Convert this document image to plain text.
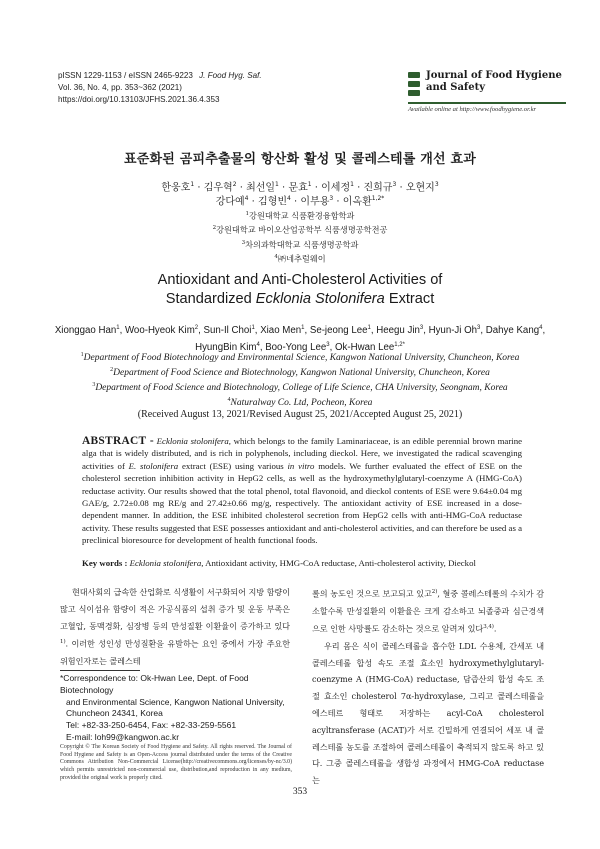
pISSN 1229-1153 / eISSN 2465-9223 J. Food Hyg. Saf.
Vol. 36, No. 4, pp. 353~362 (2021)
https://doi.org/10.13103/JFHS.2021.36.4.353
Journal of Food Hygiene
and Safety
Available online at http://www.foodhygiene.or.kr
표준화된 곰피추출물의 항산화 활성 및 콜레스테롤 개선 효과
한웅호$^1$ · 김우혁$^2$ · 최선일$^1$ · 문효$^1$ · 이세정$^1$ · 진희규$^3$ · 오현지$^3$
강다예$^4$ · 김형빈$^4$ · 이부용$^3$ · 이옥환$^{1,2*}$
$^1$강원대학교 식품환경융합학과
$^2$강원대학교 바이오산업공학부 식품생명공학전공
$^3$차의과학대학교 식품생명공학과
$^4$㈜네추럴웨이
Antioxidant and Anti-Cholesterol Activities of
Standardized Ecklonia Stolonifera Extract
Xionggao Han$^1$, Woo-Hyeok Kim$^2$, Sun-Il Choi$^1$, Xiao Men$^1$, Se-jeong Lee$^1$, Heegu Jin$^3$, Hyun-Ji Oh$^3$, Dahye Kang$^4$, HyungBin Kim$^4$, Boo-Yong Lee$^3$, Ok-Hwan Lee$^{1,2*}$
$^1$Department of Food Biotechnology and Environmental Science, Kangwon National University, Chuncheon, Korea
$^2$Department of Food Science and Biotechnology, Kangwon National University, Chuncheon, Korea
$^3$Department of Food Science and Biotechnology, College of Life Science, CHA University, Seongnam, Korea
$^4$Naturalway Co. Ltd, Pocheon, Korea
(Received August 13, 2021/Revised August 25, 2021/Accepted August 25, 2021)
ABSTRACT - Ecklonia stolonifera, which belongs to the family Laminariaceae, is an edible perennial brown marine alga that is widely distributed, and is rich in polyphenols, including dieckol. Here, we investigated the radical scavenging activities of E. stolonifera extract (ESE) using various in vitro models. We further evaluated the effect of ESE on the cholesterol secretion inhibition activity in HepG2 cells, as well as the hydroxymethylglutaryl-coenzyme A (HMG-CoA) reductase activity. Our results showed that the total phenol, total flavonoid, and dieckol contents of ESE were 9.64±0.04 mg GAE/g, 2.72±0.08 mg RE/g and 27.42±0.66 mg/g, respectively. The antioxidant activity of ESE increased in a dose-dependent manner. In addition, the ESE inhibited cholesterol secretion from HepG2 cells with anti-HMG-CoA reductase activity. These results suggested that ESE possesses antioxidant and anti-cholesterol activities, and can therefore be used as a preclinical bioresource for development of health functional foods.
Key words : Ecklonia stolonifera, Antioxidant activity, HMG-CoA reductase, Anti-cholesterol activity, Dieckol
현대사회의 급속한 산업화로 식생활이 서구화되어 지방 함량이 많고 식이섬유 함량이 적은 가공식품의 섭취 증가 및 운동 부족은 고혈압, 동맥경화, 심장병 등의 만성질환 이환율이 증가하고 있다$^{1)}$. 이러한 성인성 만성질환을 유발하는 요인 중에서 가장 주요한 위험인자로는 콜레스테
롤의 농도인 것으로 보고되고 있고$^{2)}$, 혈중 콜레스테롤의 수치가 감소할수록 만성질환의 이환율은 크게 감소하고 뇌졸중과 심근경색으로 인한 사망률도 감소하는 것으로 알려져 있다$^{3,4)}$.
우리 몸은 식이 콜레스테롤을 흡수한 LDL 수용체, 간세포 내 콜레스테롤 합성 속도 조절 효소인 hydroxymethylglutaryl-coenzyme A (HMG-CoA) reductase, 담즙산의 합성 속도 조절 효소인 cholesterol 7α-hydroxylase, 그리고 콜레스테롤을 에스테르 형태로 저장하는 acyl-CoA cholesterol acyltransferase (ACAT)가 서로 긴밀하게 연결되어 세포 내 콜레스테롤 농도를 조절하여 콜레스테롤이 축적되지 않도록 하고 있다. 그중 콜레스테롤을 생합성 과정에서 HMG-CoA reductase는
*Correspondence to: Ok-Hwan Lee, Dept. of Food Biotechnology
and Environmental Science, Kangwon National University,
Chuncheon 24341, Korea
Tel: +82-33-250-6454, Fax: +82-33-259-5561
E-mail: loh99@kangwon.ac.kr
Copyright © The Korean Society of Food Hygiene and Safety. All rights reserved. The Journal of Food Hygiene and Safety is an Open-Access journal distributed under the terms of the Creative Commons Attribution Non-Commercial License(http://creativecommons.org/licenses/by-nc/3.0) which permits unrestricted non-commercial use, distribution,and reproduction in any medium, provided the original work is properly cited.
353
